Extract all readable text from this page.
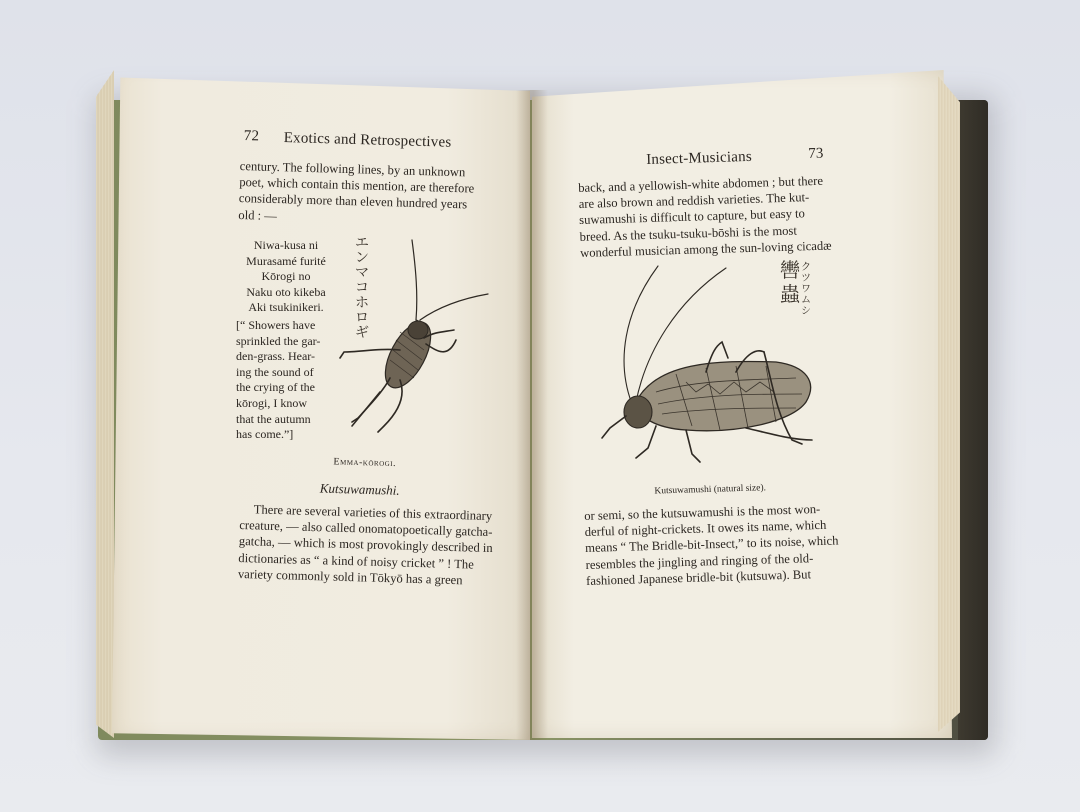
72 Exotics and Retrospectives
century. The following lines, by an unknown
poet, which contain this mention, are therefore
considerably more than eleven hundred years
old : —
Niwa-kusa ni
Murasamé furité
Kōrogi no
Naku oto kikeba
Aki tsukinikeri.
エンマコホロギ
[“ Showers have
sprinkled the gar-
den-grass. Hear-
ing the sound of
the crying of the
kōrogi, I know
that the autumn
has come.”]
Emma-kōrogi.
Kutsuwamushi.
There are several varieties of this extraordinary
creature, — also called onomatopoetically gatcha-
gatcha, — which is most provokingly described in
dictionaries as “ a kind of noisy cricket ” ! The
variety commonly sold in Tōkyō has a green
Insect-Musicians	73
back, and a yellowish-white abdomen ; but there
are also brown and reddish varieties. The kut-
suwamushi is difficult to capture, but easy to
breed. As the tsuku-tsuku-bōshi is the most
wonderful musician among the sun-loving cicadæ
轡蟲
クツワムシ
Kutsuwamushi (natural size).
or semi, so the kutsuwamushi is the most won-
derful of night-crickets. It owes its name, which
means “ The Bridle-bit-Insect,” to its noise, which
resembles the jingling and ringing of the old-
fashioned Japanese bridle-bit (kutsuwa). But
